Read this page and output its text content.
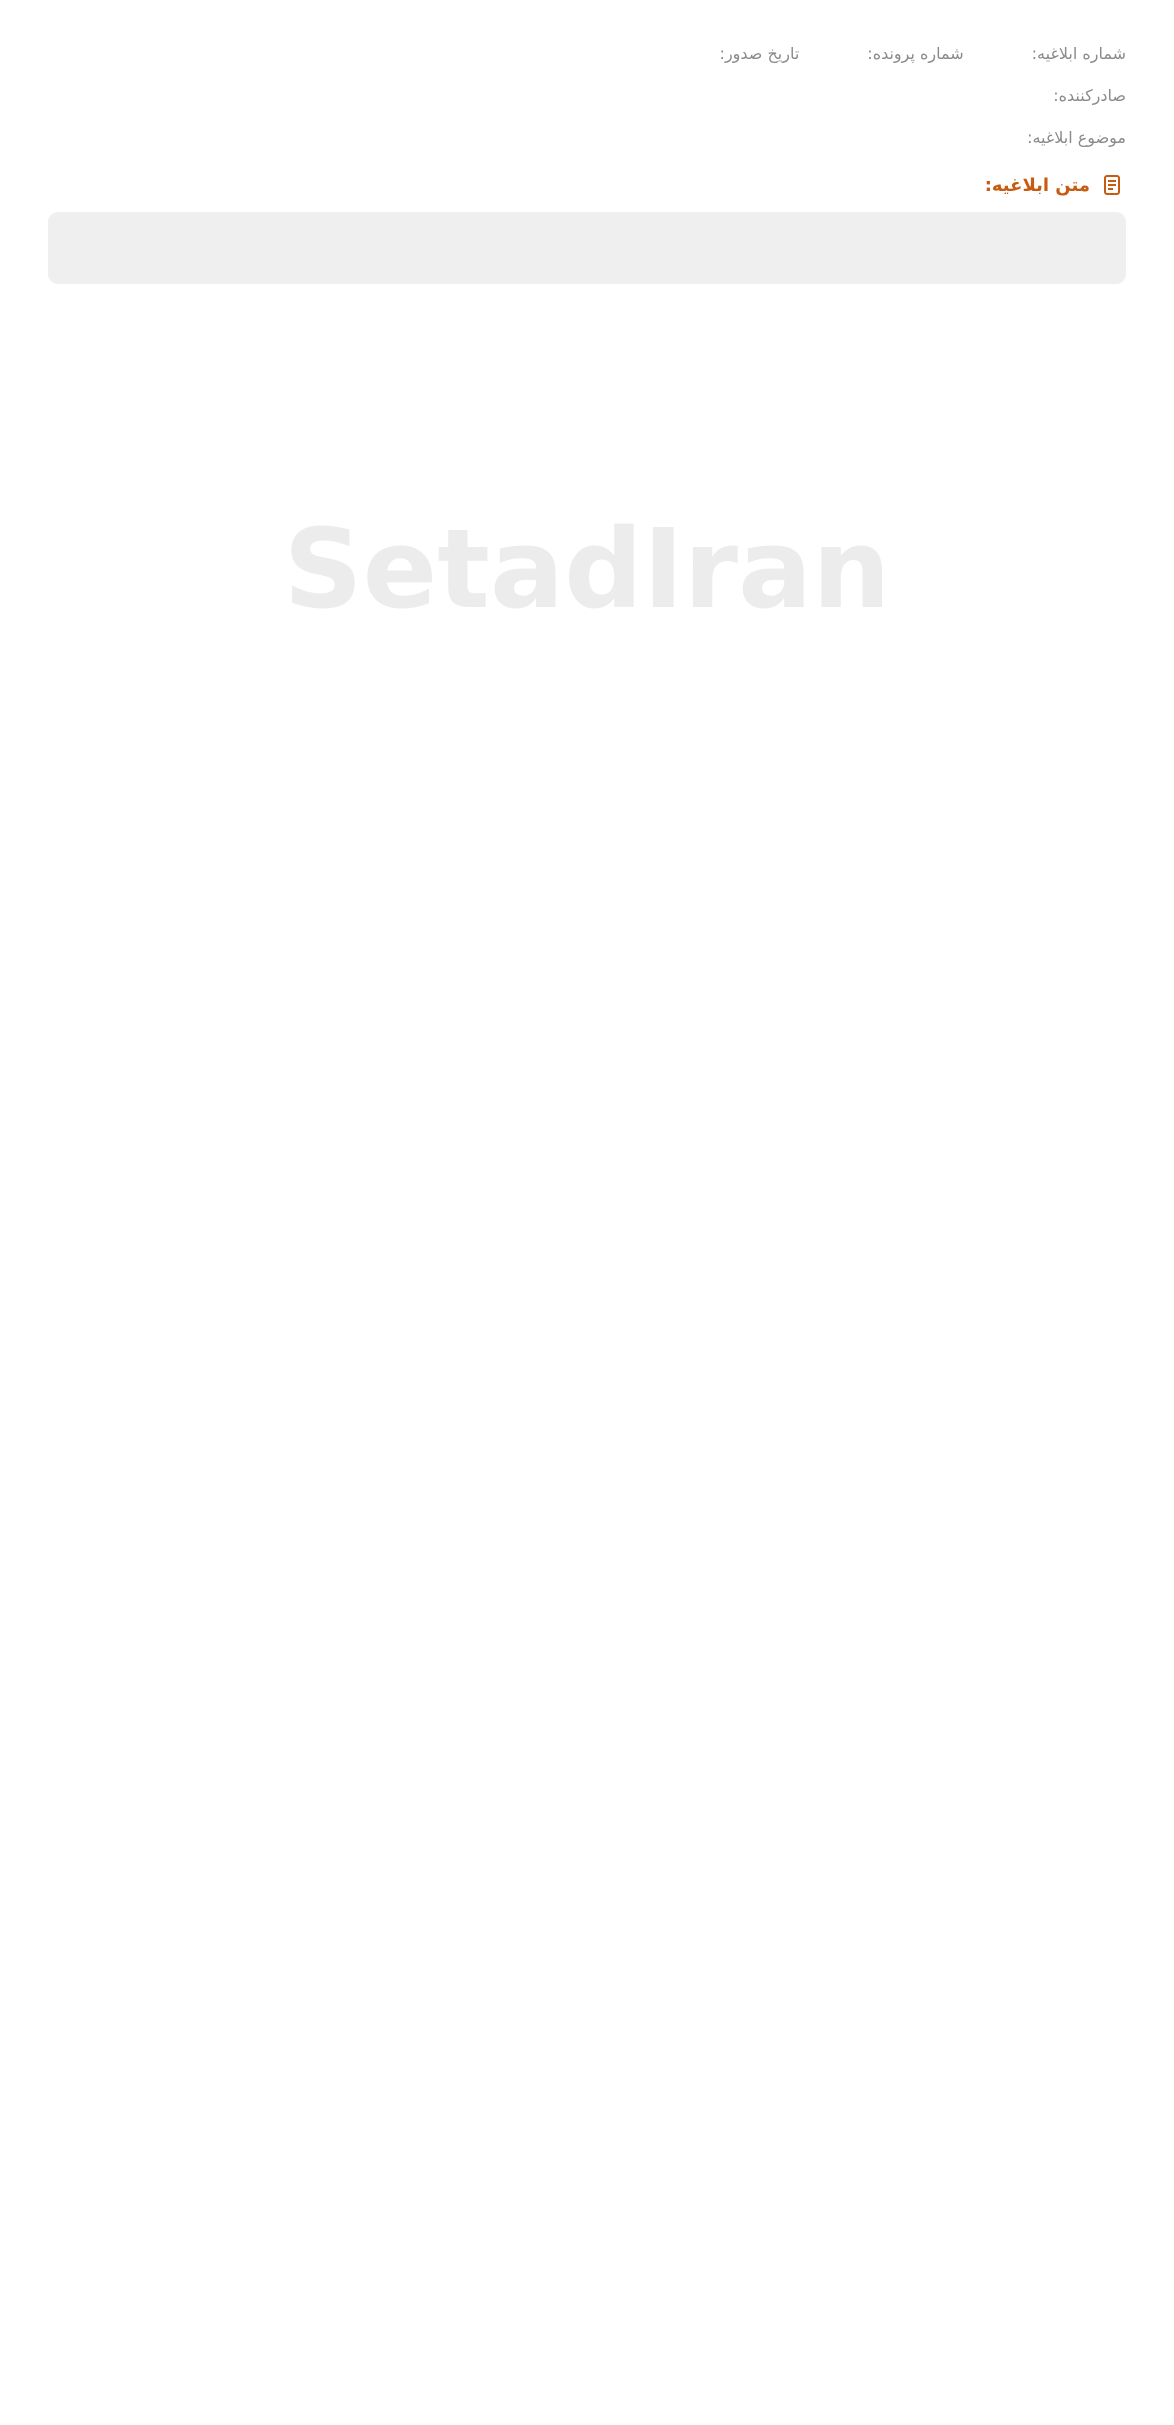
شماره ابلاغیه:
شماره پرونده:
تاریخ صدور:
صادرکننده:
موضوع ابلاغیه:
متن ابلاغیه:
SetadIran
